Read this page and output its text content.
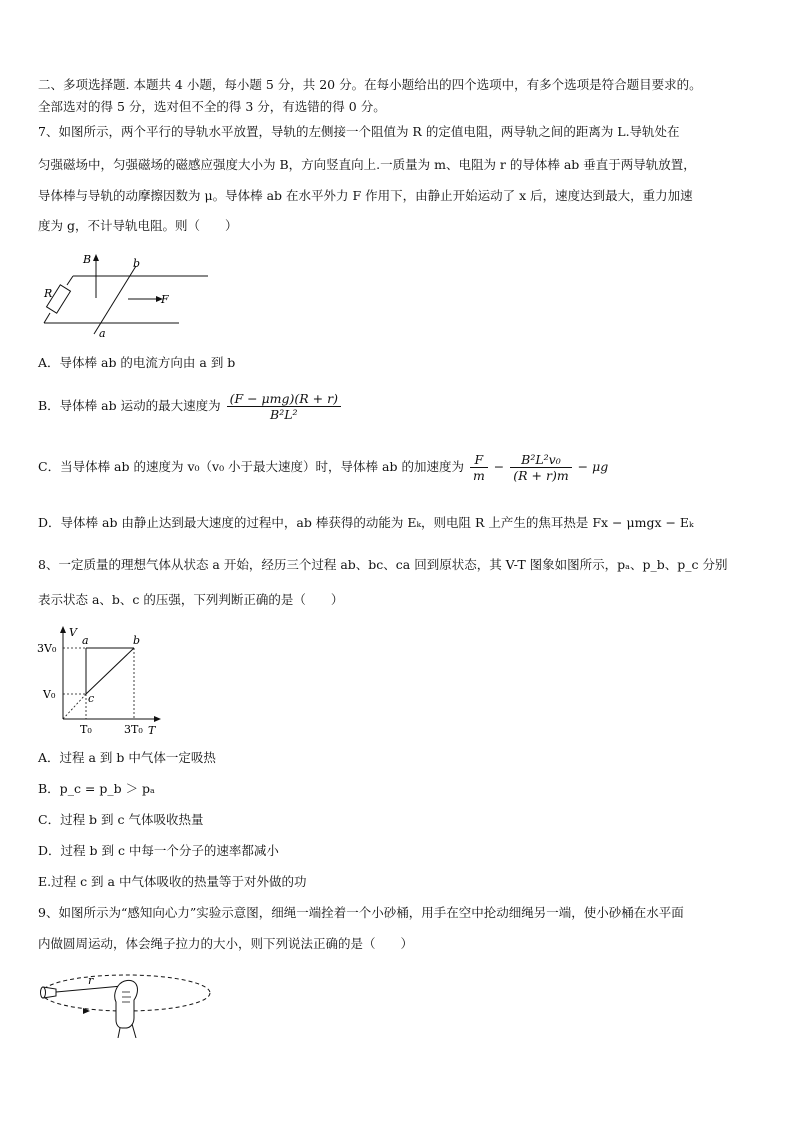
二、多项选择题. 本题共 4 小题，每小题 5 分，共 20 分。在每小题给出的四个选项中，有多个选项是符合题目要求的。
全部选对的得 5 分，选对但不全的得 3 分，有选错的得 0 分。
7、如图所示，两个平行的导轨水平放置，导轨的左侧接一个阻值为 R 的定值电阻，两导轨之间的距离为 L.导轨处在
匀强磁场中，匀强磁场的磁感应强度大小为 B，方向竖直向上.一质量为 m、电阻为 r 的导体棒 ab 垂直于两导轨放置，
导体棒与导轨的动摩擦因数为 μ。导体棒 ab 在水平外力 F 作用下，由静止开始运动了 x 后，速度达到最大，重力加速
度为 g，不计导轨电阻。则（　　）
B	b
R	F
a
A．导体棒 ab 的电流方向由 a 到 b
B．导体棒 ab 运动的最大速度为 $\frac{\text{(F − μmg)(R + r)}}{\text{B²L²}}$
C．当导体棒 ab 的速度为 v₀（v₀ 小于最大速度）时，导体棒 ab 的加速度为 $\frac{F}{m} - \frac{\text{B²L²v₀}}{(R + r)m} - \mu g$
D．导体棒 ab 由静止达到最大速度的过程中，ab 棒获得的动能为 Eₖ，则电阻 R 上产生的焦耳热是 Fx − μmgx − Eₖ
8、一定质量的理想气体从状态 a 开始，经历三个过程 ab、bc、ca 回到原状态，其 V-T 图象如图所示，pₐ、p_b、p_c 分别
表示状态 a、b、c 的压强，下列判断正确的是（　　）
V
T
a	b
c
3V₀
V₀
T₀	3T₀
A．过程 a 到 b 中气体一定吸热
B．p_c = p_b ＞ pₐ
C．过程 b 到 c 气体吸收热量
D．过程 b 到 c 中每一个分子的速率都减小
E.过程 c 到 a 中气体吸收的热量等于对外做的功
9、如图所示为“感知向心力”实验示意图，细绳一端拴着一个小砂桶，用手在空中抡动细绳另一端，使小砂桶在水平面
内做圆周运动，体会绳子拉力的大小，则下列说法正确的是（　　）
r
